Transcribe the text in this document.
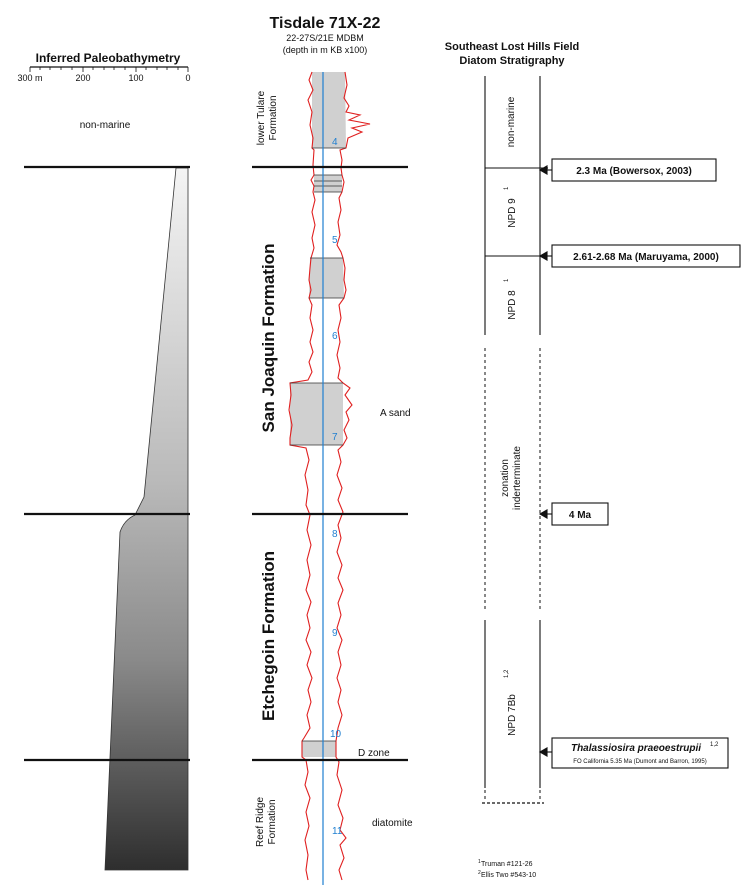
Inferred Paleobathymetry
300 m	200	100	0
non-marine
Tisdale 71X-22
22-27S/21E MDBM
(depth in m KB x100)
lower Tulare Formation
San Joaquin Formation
Etchegoin Formation
Reef Ridge Formation
4
5
6
7
8
9
10
11
A sand
D zone
diatomite
Southeast Lost Hills Field
Diatom Stratigraphy
non-marine
NPD 9
1
NPD 8
1
zonation inderterminate
NPD 7Bb
1,2
2.3 Ma (Bowersox, 2003)
2.61-2.68 Ma (Maruyama, 2000)
4 Ma
Thalassiosira praeoestrupii 1,2
FO California 5.35 Ma (Dumont and Barron, 1995)
1 Truman #121-26
2 Ellis Two #543-10
